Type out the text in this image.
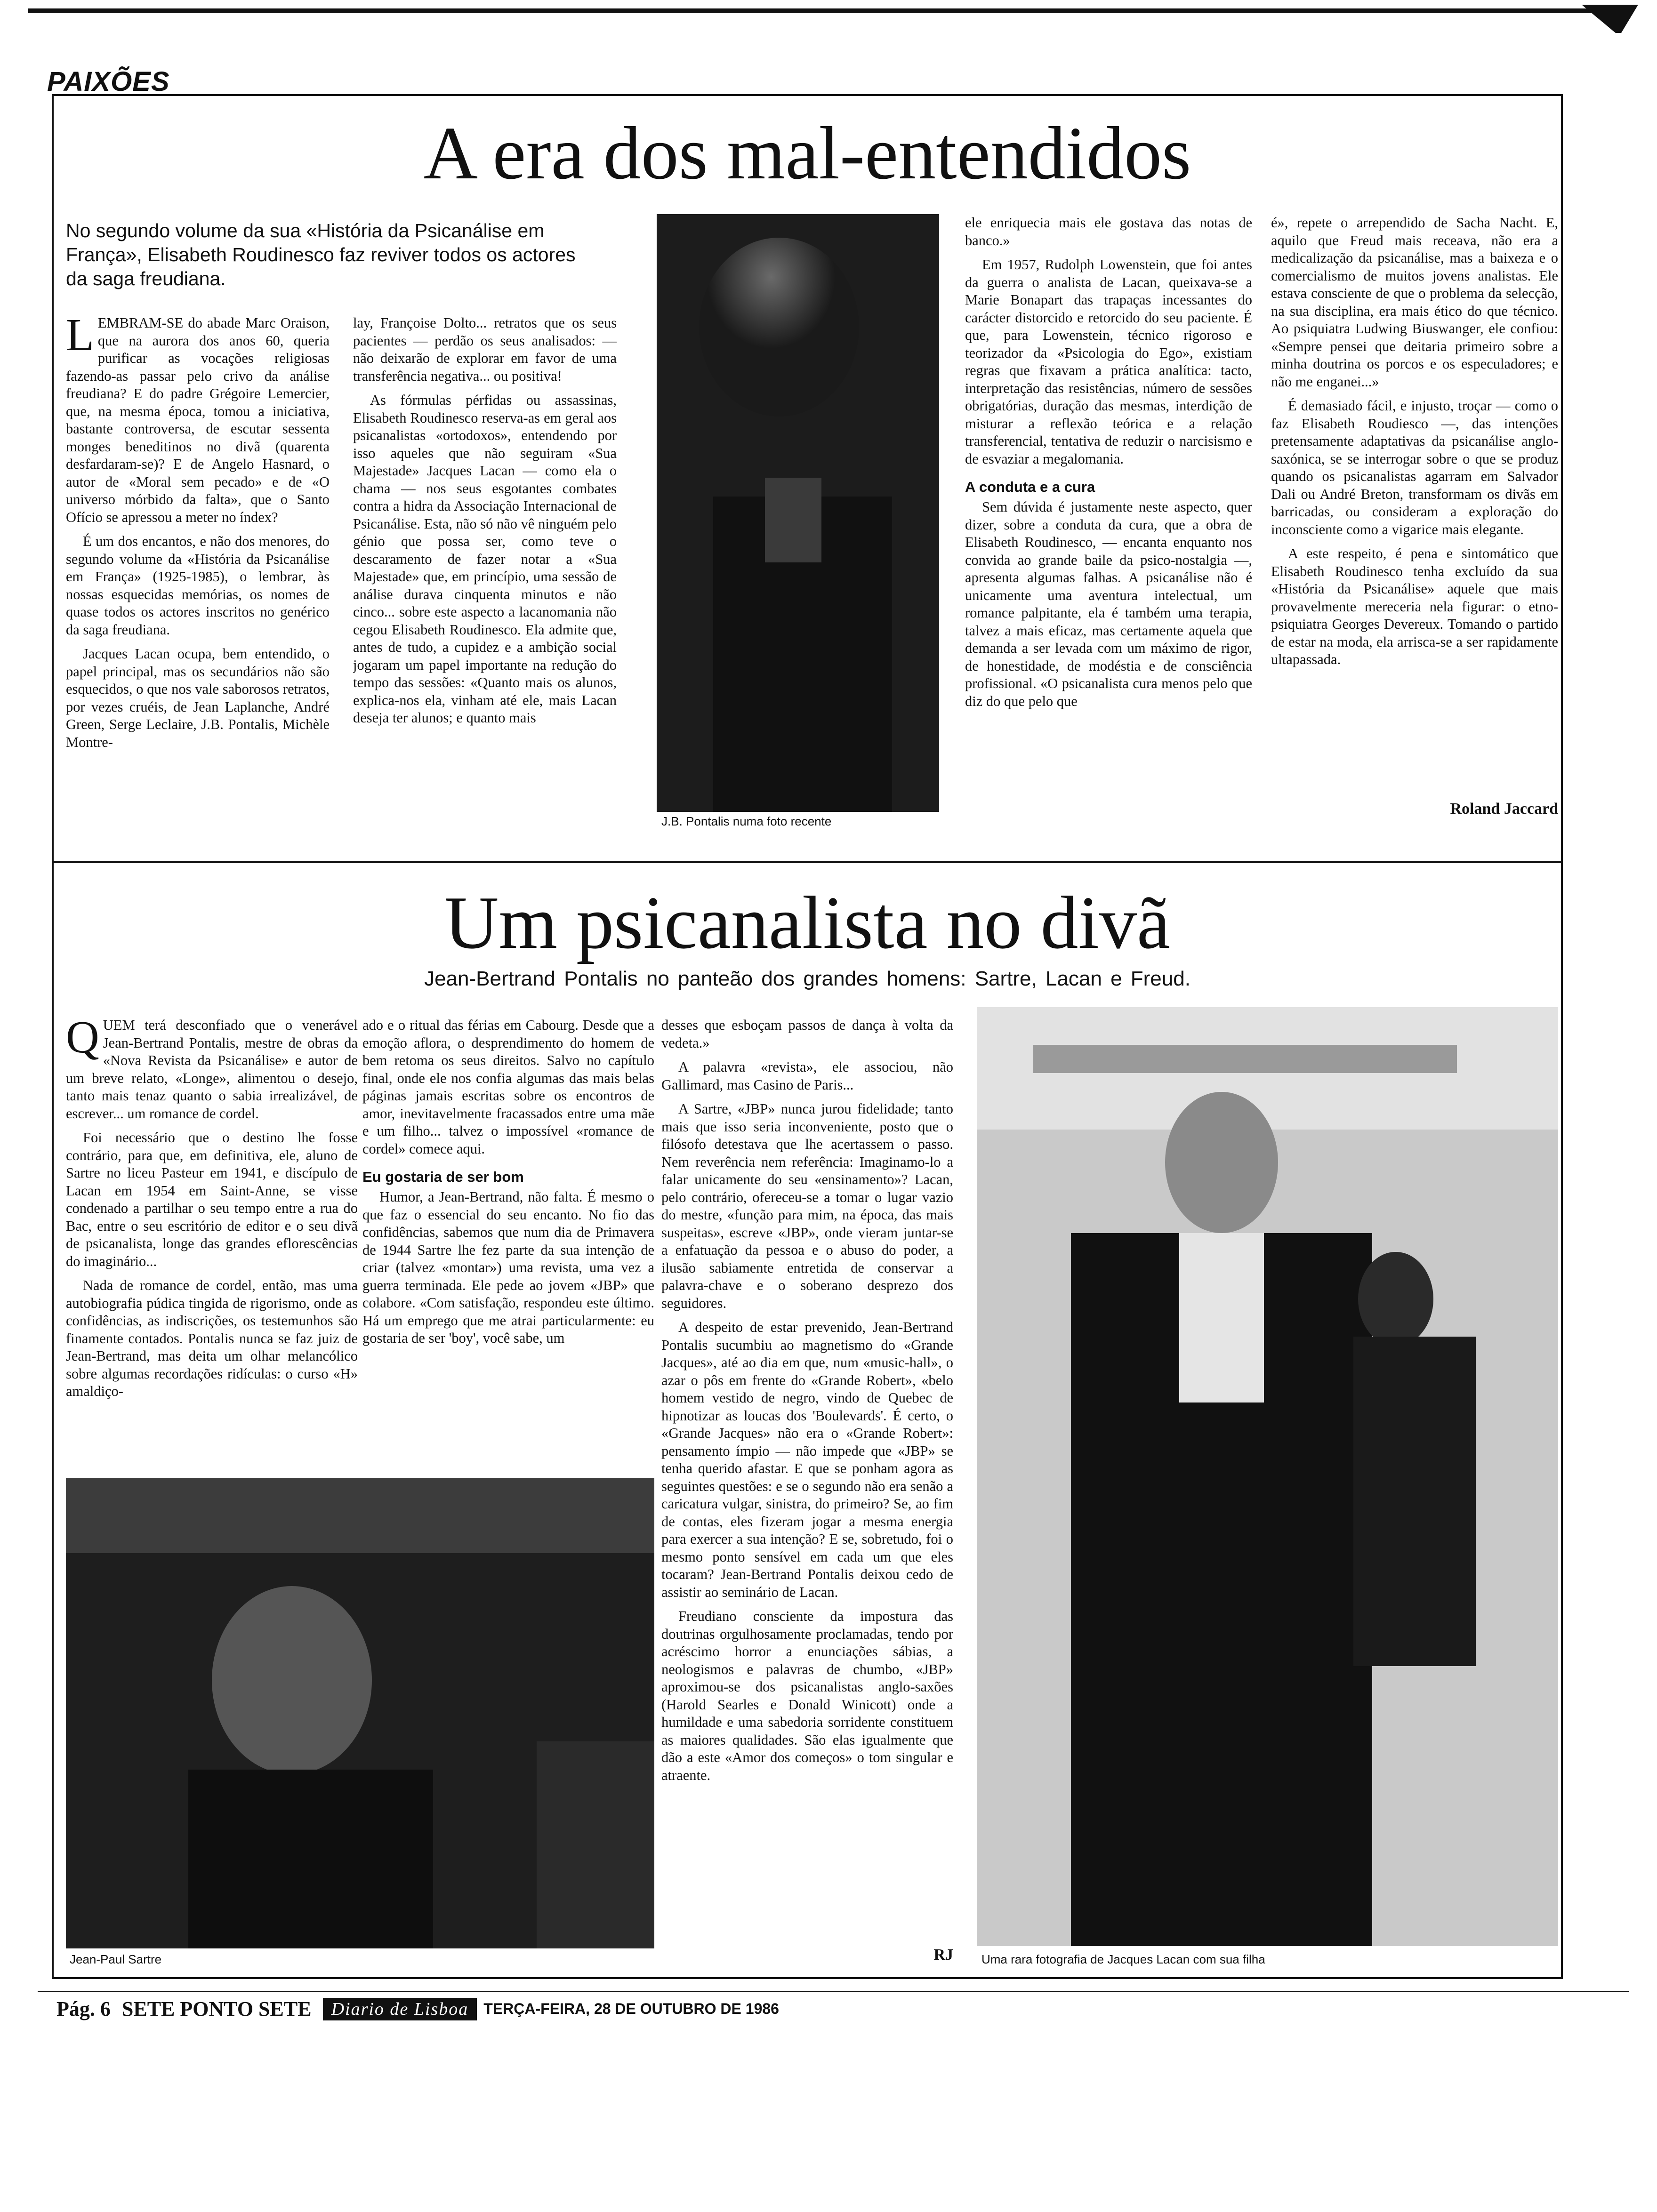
PAIXÕES
A era dos mal-entendidos
No segundo volume da sua «História da Psicanálise em França», Elisabeth Roudinesco faz reviver todos os actores da saga freudiana.

LEMBRAM-SE do abade Marc Oraison, que na aurora dos anos 60, queria purificar as vocações religiosas fazendo-as passar pelo crivo da análise freudiana? E do padre Grégoire Lemercier, que, na mesma época, tomou a iniciativa, bastante controversa, de escutar sessenta monges beneditinos no divã (quarenta desfardaram-se)? E de Angelo Hasnard, o autor de «Moral sem pecado» e de «O universo mórbido da falta», que o Santo Ofício se apressou a meter no índex?

É um dos encantos, e não dos menores, do segundo volume da «História da Psicanálise em França» (1925-1985), o lembrar, às nossas esquecidas memórias, os nomes de quase todos os actores inscritos no genérico da saga freudiana.

Jacques Lacan ocupa, bem entendido, o papel principal, mas os secundários não são esquecidos, o que nos vale saborosos retratos, por vezes cruéis, de Jean Laplanche, André Green, Serge Leclaire, J.B. Pontalis, Michèle Montre-

lay, Françoise Dolto... retratos que os seus pacientes — perdão os seus analisados: — não deixarão de explorar em favor de uma transferência negativa... ou positiva!

As fórmulas pérfidas ou assassinas, Elisabeth Roudinesco reserva-as em geral aos psicanalistas «ortodoxos», entendendo por isso aqueles que não seguiram «Sua Majestade» Jacques Lacan — como ela o chama — nos seus esgotantes combates contra a hidra da Associação Internacional de Psicanálise. Esta, não só não vê ninguém pelo génio que possa ser, como teve o descaramento de fazer notar a «Sua Majestade» que, em princípio, uma sessão de análise durava cinquenta minutos e não cinco... sobre este aspecto a lacanomania não cegou Elisabeth Roudinesco. Ela admite que, antes de tudo, a cupidez e a ambição social jogaram um papel importante na redução do tempo das sessões: «Quanto mais os alunos, explica-nos ela, vinham até ele, mais Lacan deseja ter alunos; e quanto mais

J.B. Pontalis numa foto recente

ele enriquecia mais ele gostava das notas de banco.»

Em 1957, Rudolph Lowenstein, que foi antes da guerra o analista de Lacan, queixava-se a Marie Bonapart das trapaças incessantes do carácter distorcido e retorcido do seu paciente. É que, para Lowenstein, técnico rigoroso e teorizador da «Psicologia do Ego», existiam regras que fixavam a prática analítica: tacto, interpretação das resistências, número de sessões obrigatórias, duração das mesmas, interdição de misturar a reflexão teórica e a relação transferencial, tentativa de reduzir o narcisismo e de esvaziar a megalomania.

A conduta e a cura

Sem dúvida é justamente neste aspecto, quer dizer, sobre a conduta da cura, que a obra de Elisabeth Roudinesco, — encanta enquanto nos convida ao grande baile da psico-nostalgia —, apresenta algumas falhas. A psicanálise não é unicamente uma aventura intelectual, um romance palpitante, ela é também uma terapia, talvez a mais eficaz, mas certamente aquela que demanda a ser levada com um máximo de rigor, de honestidade, de modéstia e de consciência profissional. «O psicanalista cura menos pelo que diz do que pelo que

é», repete o arrependido de Sacha Nacht. E, aquilo que Freud mais receava, não era a medicalização da psicanálise, mas a baixeza e o comercialismo de muitos jovens analistas. Ele estava consciente de que o problema da selecção, na sua disciplina, era mais ético do que técnico. Ao psiquiatra Ludwing Biuswanger, ele confiou: «Sempre pensei que deitaria primeiro sobre a minha doutrina os porcos e os especuladores; e não me enganei...»

É demasiado fácil, e injusto, troçar — como o faz Elisabeth Roudiesco —, das intenções pretensamente adaptativas da psicanálise anglo-saxónica, se se interrogar sobre o que se produz quando os psicanalistas agarram em Salvador Dali ou André Breton, transformam os divãs em barricadas, ou consideram a exploração do inconsciente como a vigarice mais elegante.

A este respeito, é pena e sintomático que Elisabeth Roudinesco tenha excluído da sua «História da Psicanálise» aquele que mais provavelmente mereceria nela figurar: o etno-psiquiatra Georges Devereux. Tomando o partido de estar na moda, ela arrisca-se a ser rapidamente ultapassada.

Roland Jaccard
Um psicanalista no divã
Jean-Bertrand Pontalis no panteão dos grandes homens: Sartre, Lacan e Freud.

QUEM terá desconfiado que o venerável Jean-Bertrand Pontalis, mestre de obras da «Nova Revista da Psicanálise» e autor de um breve relato, «Longe», alimentou o desejo, tanto mais tenaz quanto o sabia irrealizável, de escrever... um romance de cordel.

Foi necessário que o destino lhe fosse contrário, para que, em definitiva, ele, aluno de Sartre no liceu Pasteur em 1941, e discípulo de Lacan em 1954 em Saint-Anne, se visse condenado a partilhar o seu tempo entre a rua do Bac, entre o seu escritório de editor e o seu divã de psicanalista, longe das grandes eflorescências do imaginário...

Nada de romance de cordel, então, mas uma autobiografia púdica tingida de rigorismo, onde as confidências, as indiscrições, os testemunhos são finamente contados. Pontalis nunca se faz juiz de Jean-Bertrand, mas deita um olhar melancólico sobre algumas recordações ridículas: o curso «H» amaldiço-

ado e o ritual das férias em Cabourg. Desde que a emoção aflora, o desprendimento do homem de bem retoma os seus direitos. Salvo no capítulo final, onde ele nos confia algumas das mais belas páginas jamais escritas sobre os encontros de amor, inevitavelmente fracassados entre uma mãe e um filho... talvez o impossível «romance de cordel» comece aqui.

Eu gostaria de ser bom

Humor, a Jean-Bertrand, não falta. É mesmo o que faz o essencial do seu encanto. No fio das confidências, sabemos que num dia de Primavera de 1944 Sartre lhe fez parte da sua intenção de criar (talvez «montar») uma revista, uma vez a guerra terminada. Ele pede ao jovem «JBP» que colabore. «Com satisfação, respondeu este último. Há um emprego que me atrai particularmente: eu gostaria de ser 'boy', você sabe, um

Jean-Paul Sartre

desses que esboçam passos de dança à volta da vedeta.»

A palavra «revista», ele associou, não Gallimard, mas Casino de Paris...

A Sartre, «JBP» nunca jurou fidelidade; tanto mais que isso seria inconveniente, posto que o filósofo detestava que lhe acertassem o passo. Nem reverência nem referência: Imaginamo-lo a falar unicamente do seu «ensinamento»? Lacan, pelo contrário, ofereceu-se a tomar o lugar vazio do mestre, «função para mim, na época, das mais suspeitas», escreve «JBP», onde vieram juntar-se a enfatuação da pessoa e o abuso do poder, a ilusão sabiamente entretida de conservar a palavra-chave e o soberano desprezo dos seguidores.

A despeito de estar prevenido, Jean-Bertrand Pontalis sucumbiu ao magnetismo do «Grande Jacques», até ao dia em que, num «music-hall», o azar o pôs em frente do «Grande Robert», «belo homem vestido de negro, vindo de Quebec de hipnotizar as loucas dos 'Boulevards'. É certo, o «Grande Jacques» não era o «Grande Robert»: pensamento ímpio — não impede que «JBP» se tenha querido afastar. E que se ponham agora as seguintes questões: e se o segundo não era senão a caricatura vulgar, sinistra, do primeiro? Se, ao fim de contas, eles fizeram jogar a mesma energia para exercer a sua intenção? E se, sobretudo, foi o mesmo ponto sensível em cada um que eles tocaram? Jean-Bertrand Pontalis deixou cedo de assistir ao seminário de Lacan.

Freudiano consciente da impostura das doutrinas orgulhosamente proclamadas, tendo por acréscimo horror a enunciações sábias, a neologismos e palavras de chumbo, «JBP» aproximou-se dos psicanalistas anglo-saxões (Harold Searles e Donald Winicott) onde a humildade e uma sabedoria sorridente constituem as maiores qualidades. São elas igualmente que dão a este «Amor dos começos» o tom singular e atraente.

RJ Uma rara fotografia de Jacques Lacan com sua filha
Pág. 6 SETE PONTO SETE	Diario de Lisboa	TERÇA-FEIRA, 28 DE OUTUBRO DE 1986
